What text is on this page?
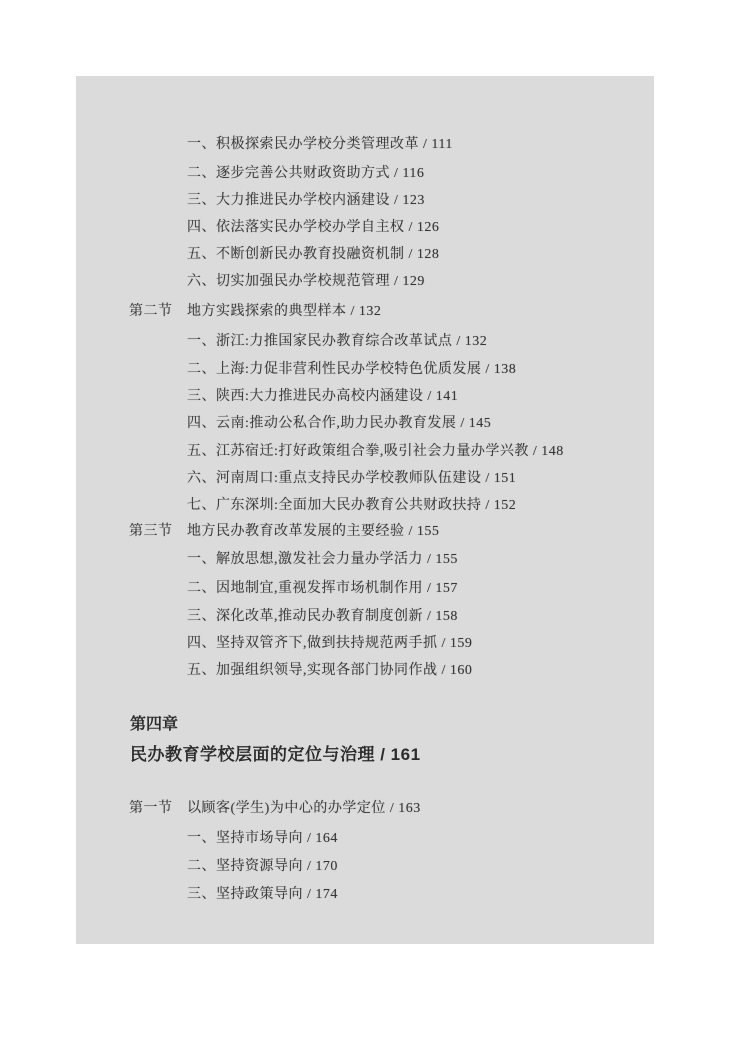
一、积极探索民办学校分类管理改革 / 111
二、逐步完善公共财政资助方式 / 116
三、大力推进民办学校内涵建设 / 123
四、依法落实民办学校办学自主权 / 126
五、不断创新民办教育投融资机制 / 128
六、切实加强民办学校规范管理 / 129
第二节	地方实践探索的典型样本 / 132
一、浙江:力推国家民办教育综合改革试点 / 132
二、上海:力促非营利性民办学校特色优质发展 / 138
三、陕西:大力推进民办高校内涵建设 / 141
四、云南:推动公私合作,助力民办教育发展 / 145
五、江苏宿迁:打好政策组合拳,吸引社会力量办学兴教 / 148
六、河南周口:重点支持民办学校教师队伍建设 / 151
七、广东深圳:全面加大民办教育公共财政扶持 / 152
第三节	地方民办教育改革发展的主要经验 / 155
一、解放思想,激发社会力量办学活力 / 155
二、因地制宜,重视发挥市场机制作用 / 157
三、深化改革,推动民办教育制度创新 / 158
四、坚持双管齐下,做到扶持规范两手抓 / 159
五、加强组织领导,实现各部门协同作战 / 160
第四章
民办教育学校层面的定位与治理 / 161
第一节	以顾客(学生)为中心的办学定位 / 163
一、坚持市场导向 / 164
二、坚持资源导向 / 170
三、坚持政策导向 / 174
